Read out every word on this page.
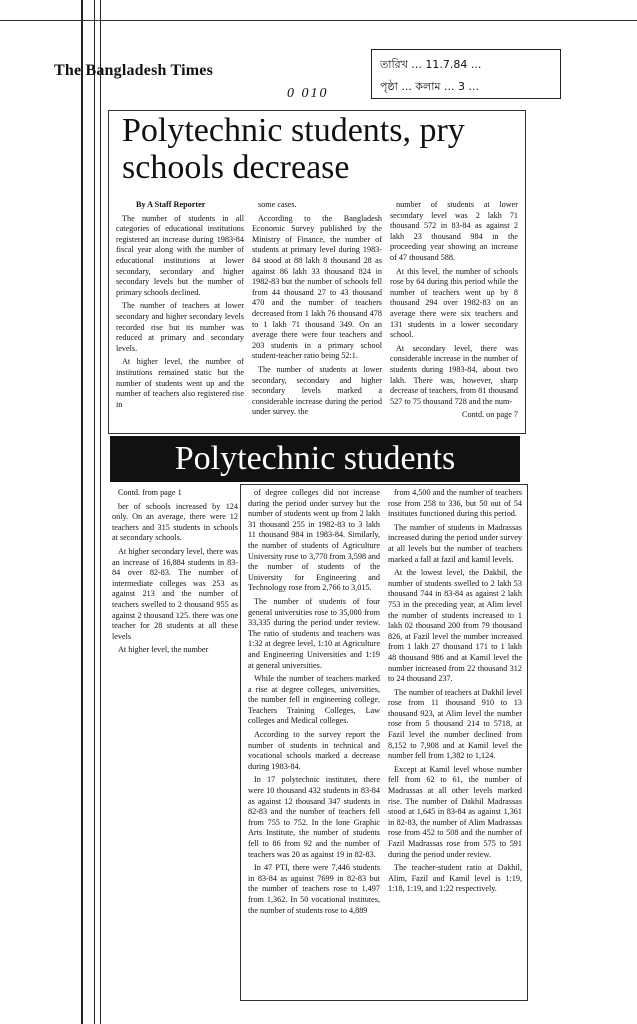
The Bangladesh Times	তারিখ ... 11.7.84 ...
পৃষ্ঠা ... কলাম ... 3 ...
0 010
Polytechnic students, pry schools decrease

By A Staff Reporter

The number of students in all categories of educational institutions registered an increase during 1983-84 fiscal year along with the number of educational institutions at lower secondary, secondary and higher secondary levels but the number of primary schools declined.

The number of teachers at lower secondary and higher secondary levels recorded rise but its number was reduced at primary and secondary levels.

At higher level, the number of institutions remained static but the number of students went up and the number of teachers also registered rise in

some cases.

According to the Bangladesh Economic Survey published by the Ministry of Finance, the number of students at primary level during 1983-84 stood at 88 lakh 8 thousand 28 as against 86 lakh 33 thousand 824 in 1982-83 but the number of schools fell from 44 thousand 27 to 43 thousand 470 and the number of teachers decreased from 1 lakh 76 thousand 478 to 1 lakh 71 thousand 349. On an average there were four teachers and 203 students in a primary school student-teacher ratio being 52:1.

The number of students at lower secondary, secondary and higher secondary levels marked a considerable increase during the period under survey. the

number of students at lower secondary level was 2 lakh 71 thousand 572 in 83-84 as against 2 lakh 23 thousand 984 in the proceeding year showing an increase of 47 thousand 588.

At this level, the number of schools rose by 64 during this period while the number of teachers went up by 8 thousand 294 over 1982-83 on an average there were six teachers and 131 students in a lower secondary school.

At secondary level, there was considerable increase in the number of students during 1983-84, about two lakh. There was, however, sharp decrease of teachers, from 81 thousand 527 to 75 thousand 728 and the num-

Contd. on page 7

Polytechnic students

Contd. from page 1

ber of schools increased by 124 only. On an average, there were 12 teachers and 315 students in schools at secondary schools.

At higher secondary level, there was an increase of 16,884 students in 83-84 over 82-83. The number of intermediate colleges was 253 as against 213 and the number of teachers swelled to 2 thousand 955 as against 2 thousand 125. there was one teacher for 28 students at all these levels

At higher level, the number

of degree colleges did not increase during the period under survey but the number of students went up from 2 lakh 31 thousand 255 in 1982-83 to 3 lakh 11 thousand 984 in 1983-84. Similarly, the number of students of Agriculture University rose to 3,770 from 3,598 and the number of students of the University for Engineering and Technology rose from 2,766 to 3,015.

The number of students of four general universities rose to 35,000 from 33,335 during the period under review. The ratio of students and teachers was 1:32 at degree level, 1:10 at Agriculture and Engineering Universities and 1:19 at general universities.

While the number of teachers marked a rise at degree colleges, universities, the number fell in engineering college, Teachers Training Colleges, Law colleges and Medical colleges.

According to the survey report the number of students in technical and vocational schools marked a decrease during 1983-84.

In 17 polytechnic institutes, there were 10 thousand 432 students in 83-84 as against 12 thousand 347 students in 82-83 and the number of teachers fell from 755 to 752. In the lone Graphic Arts Institute, the number of students fell to 86 from 92 and the number of teachers was 20 as against 19 in 82-83.

In 47 PTI, there were 7,446 students in 83-84 as against 7699 in 82-83 but the number of teachers rose to 1,497 from 1,362. In 50 vocational institutes, the number of students rose to 4,889

from 4,500 and the number of teachers rose from 258 to 336, but 50 out of 54 institutes functioned during this period.

The number of students in Madrassas increased during the period under survey at all levels but the number of teachers marked a fall at fazil and kamil levels.

At the lowest level, the Dakhil, the number of students swelled to 2 lakh 53 thousand 744 in 83-84 as against 2 lakh 753 in the preceding year, at Alim level the number of students increased to 1 lakh 02 thousand 200 from 79 thousand 826, at Fazil level the number increased from 1 lakh 27 thousand 171 to 1 lakh 48 thousand 986 and at Kamil level the number increased from 22 thousand 312 to 24 thousand 237.

The number of teachers at Dakhil level rose from 11 thousand 910 to 13 thousand 923, at Alim level the number rose from 5 thousand 214 to 5718, at Fazil level the number declined from 8,152 to 7,908 and at Kamil level the number fell from 1,382 to 1,124.

Except at Kamil level whose number fell from 62 to 61, the number of Madrassas at all other levels marked rise. The number of Dakhil Madrassas stood at 1,645 in 83-84 as against 1,361 in 82-83, the number of Alim Madrassas rose from 452 to 508 and the number of Fazil Madrassas rose from 575 to 591 during the period under review.

The teacher-student ratio at Dakhil, Alim, Fazil and Kamil level is 1:19, 1:18, 1:19, and 1:22 respectively.
